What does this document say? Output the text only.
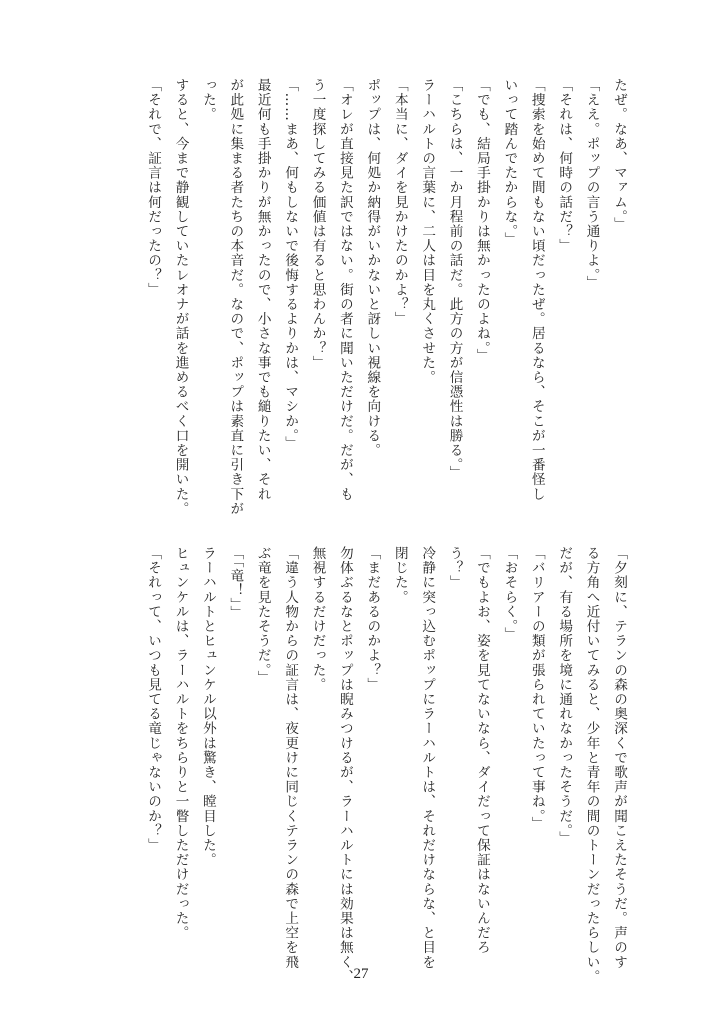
たぜ。なあ、マァム。」
「ええ。ポップの言う通りよ。」
「それは、何時の話だ？」
「捜索を始めて間もない頃だったぜ。居るなら、そこが一番怪し
いって踏んでたからな。」
「でも、結局手掛かりは無かったのよね。」
「こちらは、一か月程前の話だ。此方の方が信憑性は勝る。」
ラーハルトの言葉に、二人は目を丸くさせた。
「本当に、ダイを見かけたのかよ？」
ポップは、何処か納得がいかないと訝しい視線を向ける。
「オレが直接見た訳ではない。街の者に聞いただけだ。だが、も
う一度探してみる価値は有ると思わんか？」
「……まあ、何もしないで後悔するよりかは、マシか。」
最近何も手掛かりが無かったので、小さな事でも縋りたい、それ
が此処に集まる者たちの本音だ。なので、ポップは素直に引き下が
った。
すると、今まで静観していたレオナが話を進めるべく口を開いた。
「それで、証言は何だったの？」
「夕刻に、テランの森の奥深くで歌声が聞こえたそうだ。声のす
る方角へ近付いてみると、少年と青年の間のトーンだったらしい。
だが、有る場所を境に通れなかったそうだ。」
「バリアーの類が張られていたって事ね。」
「おそらく。」
「でもよお、姿を見てないなら、ダイだって保証はないんだろ
う？」
冷静に突っ込むポップにラーハルトは、それだけならな、と目を
閉じた。
「まだあるのかよ？」
勿体ぶるなとポップは睨みつけるが、ラーハルトには効果は無く、
無視するだけだった。
「違う人物からの証言は、夜更けに同じくテランの森で上空を飛
ぶ竜を見たそうだ。」
「「竜！」」
ラーハルトとヒュンケル以外は驚き、瞠目した。
ヒュンケルは、ラーハルトをちらりと一瞥しただけだった。
「それって、いつも見てる竜じゃないのか？」
27
